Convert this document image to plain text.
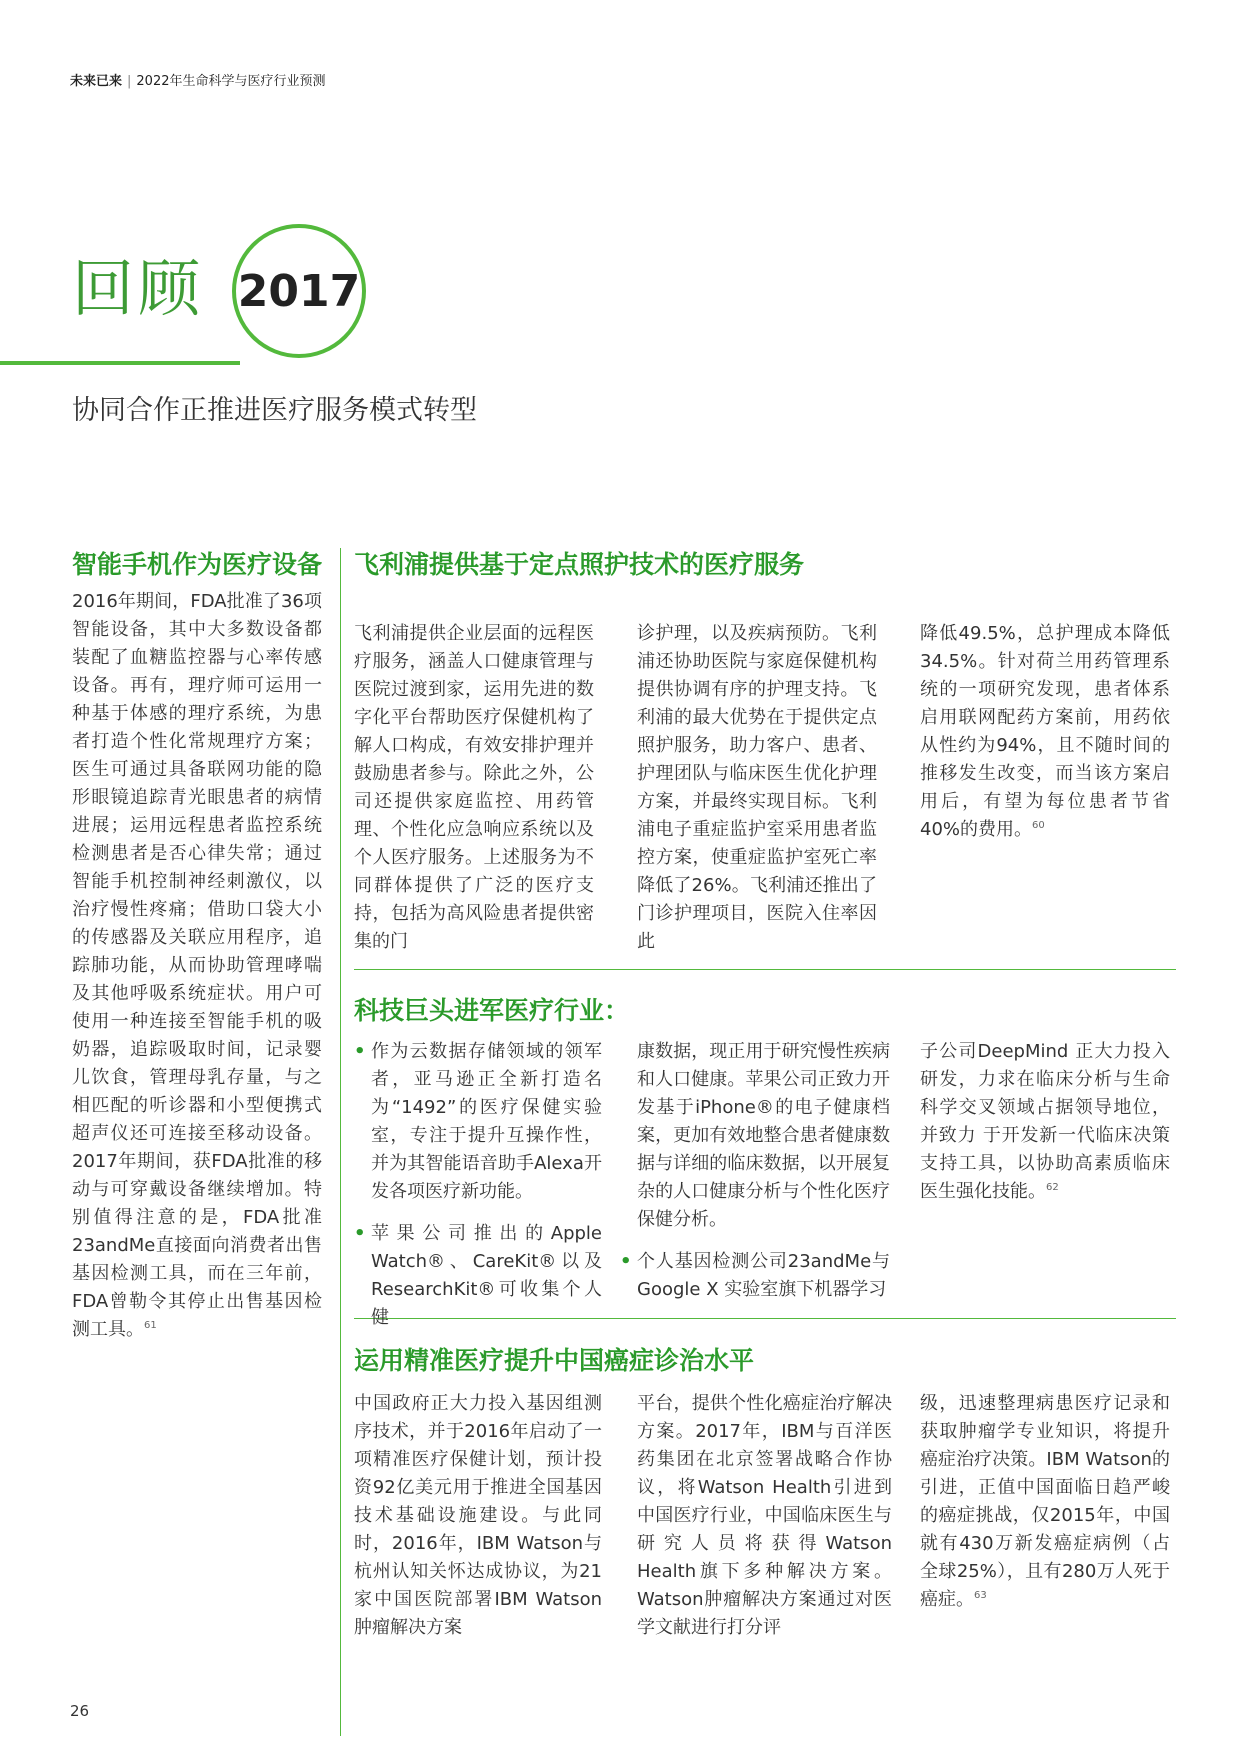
未来已来 | 2022年生命科学与医疗行业预测
回顾 2017
协同合作正推进医疗服务模式转型
智能手机作为医疗设备
2016年期间，FDA批准了36项智能设备，其中大多数设备都装配了血糖监控器与心率传感设备。再有，理疗师可运用一种基于体感的理疗系统，为患者打造个性化常规理疗方案；医生可通过具备联网功能的隐形眼镜追踪青光眼患者的病情进展；运用远程患者监控系统检测患者是否心律失常；通过智能手机控制神经刺激仪，以治疗慢性疼痛；借助口袋大小的传感器及关联应用程序，追踪肺功能，从而协助管理哮喘及其他呼吸系统症状。用户可使用一种连接至智能手机的吸奶器，追踪吸取时间，记录婴儿饮食，管理母乳存量，与之相匹配的听诊器和小型便携式超声仪还可连接至移动设备。2017年期间，获FDA批准的移动与可穿戴设备继续增加。特别值得注意的是，FDA批准23andMe直接面向消费者出售基因检测工具，而在三年前，FDA曾勒令其停止出售基因检测工具。$^{61}$
飞利浦提供基于定点照护技术的医疗服务
飞利浦提供企业层面的远程医疗服务，涵盖人口健康管理与医院过渡到家，运用先进的数字化平台帮助医疗保健机构了解人口构成，有效安排护理并鼓励患者参与。除此之外，公司还提供家庭监控、用药管理、个性化应急响应系统以及个人医疗服务。上述服务为不同群体提供了广泛的医疗支持，包括为高风险患者提供密集的门
诊护理，以及疾病预防。飞利浦还协助医院与家庭保健机构提供协调有序的护理支持。飞利浦的最大优势在于提供定点照护服务，助力客户、患者、护理团队与临床医生优化护理方案，并最终实现目标。飞利浦电子重症监护室采用患者监控方案，使重症监护室死亡率降低了26%。飞利浦还推出了门诊护理项目，医院入住率因此
降低49.5%，总护理成本降低34.5%。针对荷兰用药管理系统的一项研究发现，患者体系启用联网配药方案前，用药依从性约为94%，且不随时间的推移发生改变，而当该方案启用后，有望为每位患者节省40%的费用。$^{60}$
科技巨头进军医疗行业：
• 作为云数据存储领域的领军者，亚马逊正全新打造名为“1492”的医疗保健实验室，专注于提升互操作性，并为其智能语音助手Alexa开发各项医疗新功能。
• 苹果公司推出的Apple Watch®、CareKit®以及ResearchKit®可收集个人健
康数据，现正用于研究慢性疾病和人口健康。苹果公司正致力开发基于iPhone®的电子健康档案，更加有效地整合患者健康数据与详细的临床数据，以开展复杂的人口健康分析与个性化医疗保健分析。
• 个人基因检测公司23andMe与Google X 实验室旗下机器学习
子公司DeepMind 正大力投入研发，力求在临床分析与生命科学交叉领域占据领导地位，并致力 于开发新一代临床决策支持工具，以协助高素质临床医生强化技能。$^{62}$
运用精准医疗提升中国癌症诊治水平
中国政府正大力投入基因组测序技术，并于2016年启动了一项精准医疗保健计划，预计投资92亿美元用于推进全国基因技术基础设施建设。与此同时，2016年，IBM Watson与杭州认知关怀达成协议，为21家中国医院部署IBM Watson肿瘤解决方案
平台，提供个性化癌症治疗解决方案。2017年，IBM与百洋医药集团在北京签署战略合作协议，将Watson Health引进到中国医疗行业，中国临床医生与研究人员将获得Watson Health旗下多种解决方案。Watson肿瘤解决方案通过对医学文献进行打分评
级，迅速整理病患医疗记录和获取肿瘤学专业知识，将提升癌症治疗决策。IBM Watson的引进，正值中国面临日趋严峻的癌症挑战，仅2015年，中国就有430万新发癌症病例（占全球25%），且有280万人死于癌症。$^{63}$
26
